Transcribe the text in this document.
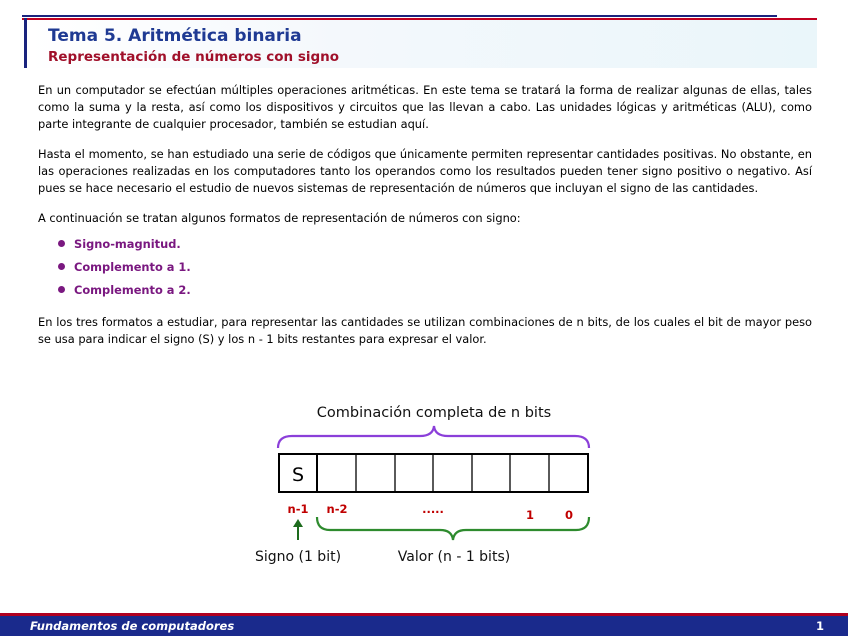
Tema 5. Aritmética binaria
Representación de números con signo

En un computador se efectúan múltiples operaciones aritméticas. En este tema se tratará la forma de realizar algunas de ellas, tales como la suma y la resta, así como los dispositivos y circuitos que las llevan a cabo. Las unidades lógicas y aritméticas (ALU), como parte integrante de cualquier procesador, también se estudian aquí.

Hasta el momento, se han estudiado una serie de códigos que únicamente permiten representar cantidades positivas. No obstante, en las operaciones realizadas en los computadores tanto los operandos como los resultados pueden tener signo positivo o negativo. Así pues se hace necesario el estudio de nuevos sistemas de representación de números que incluyan el signo de las cantidades.

A continuación se tratan algunos formatos de representación de números con signo:

Signo-magnitud.
Complemento a 1.
Complemento a 2.

En los tres formatos a estudiar, para representar las cantidades se utilizan combinaciones de n bits, de los cuales el bit de mayor peso se usa para indicar el signo (S) y los n - 1 bits restantes para expresar el valor.

Combinación completa de n bits
S
n-1 n-2	.....	1	0
Signo (1 bit)	Valor (n - 1 bits)
Fundamentos de computadores	1
